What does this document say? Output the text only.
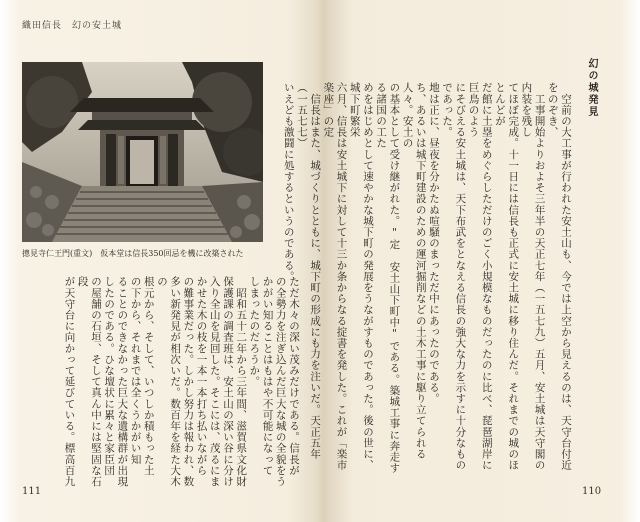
織田信長　幻の安土城
摠見寺仁王門(重文)　仮本堂は信長350回忌を機に改築された
ただ木々の深い茂みだけである。信長が
の全勢力を注ぎ込んだ巨大な城の全貌をう
かがい知ることはもはや不可能になって
しまったのだろうか。
　昭和五十二年から三年間、滋賀県文化財
保護課の調査班は、安土山の深い谷に分け
入り全山を見回した。そこには、茂るにま
かせた木の枝を一本一本打ち払いながら
の難事業だった。しかし努力は報われ、数
多い新発見が相次いだ。数百年を経た大木の
根元から、そして、いつしか積もった土
の下から、それまでは全くうかがい知
ることのできなかった巨大な遺構群が出現
したのである。ひな壇状に累々と家臣団
の屋舗の石垣、そして真ん中には堅固な石段
が天守台に向かって延びている。標高百九
111
幻の城発見
　空前の大工事が行われた安土山も、今では上空から見えるのは、天守台付近をのぞき、
　工事開始よりおよそ三年半の天正七年（一五七九）五月、安土城は天守閣の内装を残し
てほぼ完成。十一日には信長も正式に安土城に移り住んだ。それまでの城のほとんどが
だ館に土塁をめぐらしただけのごく小規模なものだったのに比べ、琵琶湖岸に巨鳥のよう
にそびえる安土城は、天下布武をとなえる信長の強大な力を示すに十分なものであった。
地は正に、昼夜を分かたぬ喧騒のまっただ中にあったのである。
ち、あるいは城下町建設のための運河掘削などの土木工事に駆り立てられる人々。安土の
の基本として受け継がれた。"定　安土山下町中"である。築城工事に奔走する諸国の工た
めをはじめとして速やかな城下町の発展をうながすものであった。後の世に、城下町繁栄
六月、信長は安土城下に対して十三か条からなる掟書を発した。これが「楽市楽座」の定
　信長はまた、城づくりとともに、城下町の形成にも力を注いだ。天正五年（一五七七）
いえども激闘に処するというのである。
110
